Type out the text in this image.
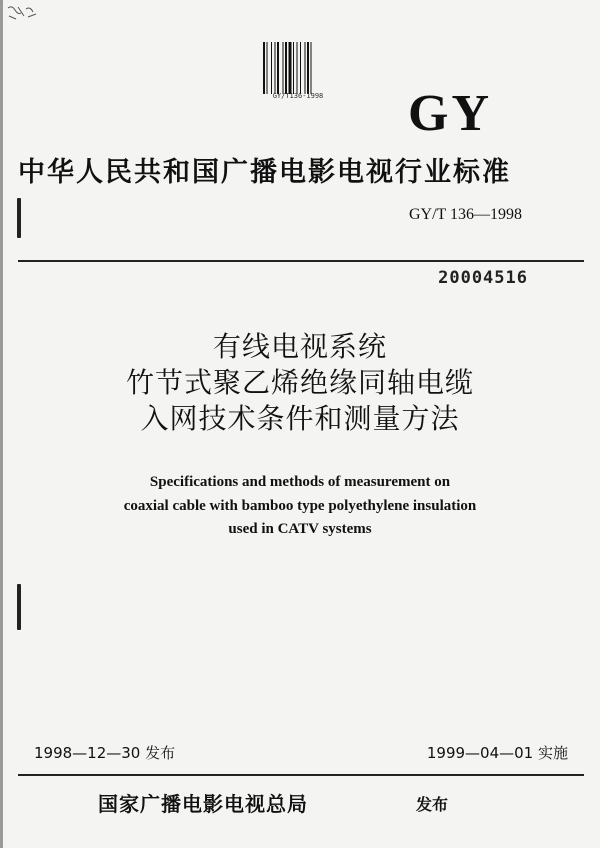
GY/T136-1998	GY
中华人民共和国广播电影电视行业标准
GY/T 136—1998
20004516
有线电视系统
竹节式聚乙烯绝缘同轴电缆
入网技术条件和测量方法
Specifications and methods of measurement on
coaxial cable with bamboo type polyethylene insulation
used in CATV systems
1998—12—30 发布	1999—04—01 实施
国家广播电影电视总局	发布
